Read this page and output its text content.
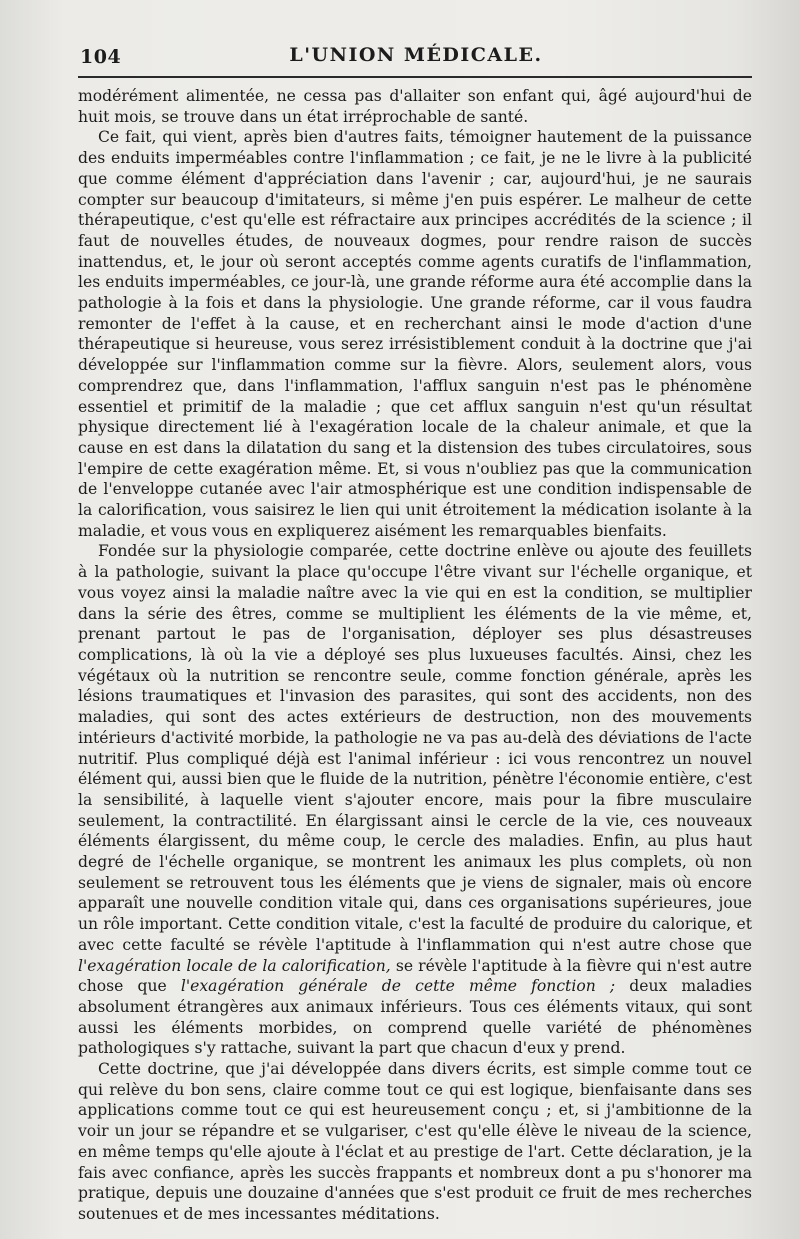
104	L'UNION MÉDICALE.

modérément alimentée, ne cessa pas d'allaiter son enfant qui, âgé aujourd'hui de huit mois, se trouve dans un état irréprochable de santé.

Ce fait, qui vient, après bien d'autres faits, témoigner hautement de la puissance des enduits imperméables contre l'inflammation ; ce fait, je ne le livre à la publicité que comme élément d'appréciation dans l'avenir ; car, aujourd'hui, je ne saurais compter sur beaucoup d'imitateurs, si même j'en puis espérer. Le malheur de cette thérapeutique, c'est qu'elle est réfractaire aux principes accrédités de la science ; il faut de nouvelles études, de nouveaux dogmes, pour rendre raison de succès inattendus, et, le jour où seront acceptés comme agents curatifs de l'inflammation, les enduits imperméables, ce jour-là, une grande réforme aura été accomplie dans la pathologie à la fois et dans la physiologie. Une grande réforme, car il vous faudra remonter de l'effet à la cause, et en recherchant ainsi le mode d'action d'une thérapeutique si heureuse, vous serez irrésistiblement conduit à la doctrine que j'ai développée sur l'inflammation comme sur la fièvre. Alors, seulement alors, vous comprendrez que, dans l'inflammation, l'afflux sanguin n'est pas le phénomène essentiel et primitif de la maladie ; que cet afflux sanguin n'est qu'un résultat physique directement lié à l'exagération locale de la chaleur animale, et que la cause en est dans la dilatation du sang et la distension des tubes circulatoires, sous l'empire de cette exagération même. Et, si vous n'oubliez pas que la communication de l'enveloppe cutanée avec l'air atmosphérique est une condition indispensable de la calorification, vous saisirez le lien qui unit étroitement la médication isolante à la maladie, et vous vous en expliquerez aisément les remarquables bienfaits.

Fondée sur la physiologie comparée, cette doctrine enlève ou ajoute des feuillets à la pathologie, suivant la place qu'occupe l'être vivant sur l'échelle organique, et vous voyez ainsi la maladie naître avec la vie qui en est la condition, se multiplier dans la série des êtres, comme se multiplient les éléments de la vie même, et, prenant partout le pas de l'organisation, déployer ses plus désastreuses complications, là où la vie a déployé ses plus luxueuses facultés. Ainsi, chez les végétaux où la nutrition se rencontre seule, comme fonction générale, après les lésions traumatiques et l'invasion des parasites, qui sont des accidents, non des maladies, qui sont des actes extérieurs de destruction, non des mouvements intérieurs d'activité morbide, la pathologie ne va pas au-delà des déviations de l'acte nutritif. Plus compliqué déjà est l'animal inférieur : ici vous rencontrez un nouvel élément qui, aussi bien que le fluide de la nutrition, pénètre l'économie entière, c'est la sensibilité, à laquelle vient s'ajouter encore, mais pour la fibre musculaire seulement, la contractilité. En élargissant ainsi le cercle de la vie, ces nouveaux éléments élargissent, du même coup, le cercle des maladies. Enfin, au plus haut degré de l'échelle organique, se montrent les animaux les plus complets, où non seulement se retrouvent tous les éléments que je viens de signaler, mais où encore apparaît une nouvelle condition vitale qui, dans ces organisations supérieures, joue un rôle important. Cette condition vitale, c'est la faculté de produire du calorique, et avec cette faculté se révèle l'aptitude à l'inflammation qui n'est autre chose que l'exagération locale de la calorification, se révèle l'aptitude à la fièvre qui n'est autre chose que l'exagération générale de cette même fonction ; deux maladies absolument étrangères aux animaux inférieurs. Tous ces éléments vitaux, qui sont aussi les éléments morbides, on comprend quelle variété de phénomènes pathologiques s'y rattache, suivant la part que chacun d'eux y prend.

Cette doctrine, que j'ai développée dans divers écrits, est simple comme tout ce qui relève du bon sens, claire comme tout ce qui est logique, bienfaisante dans ses applications comme tout ce qui est heureusement conçu ; et, si j'ambitionne de la voir un jour se répandre et se vulgariser, c'est qu'elle élève le niveau de la science, en même temps qu'elle ajoute à l'éclat et au prestige de l'art. Cette déclaration, je la fais avec confiance, après les succès frappants et nombreux dont a pu s'honorer ma pratique, depuis une douzaine d'années que s'est produit ce fruit de mes recherches soutenues et de mes incessantes méditations.
